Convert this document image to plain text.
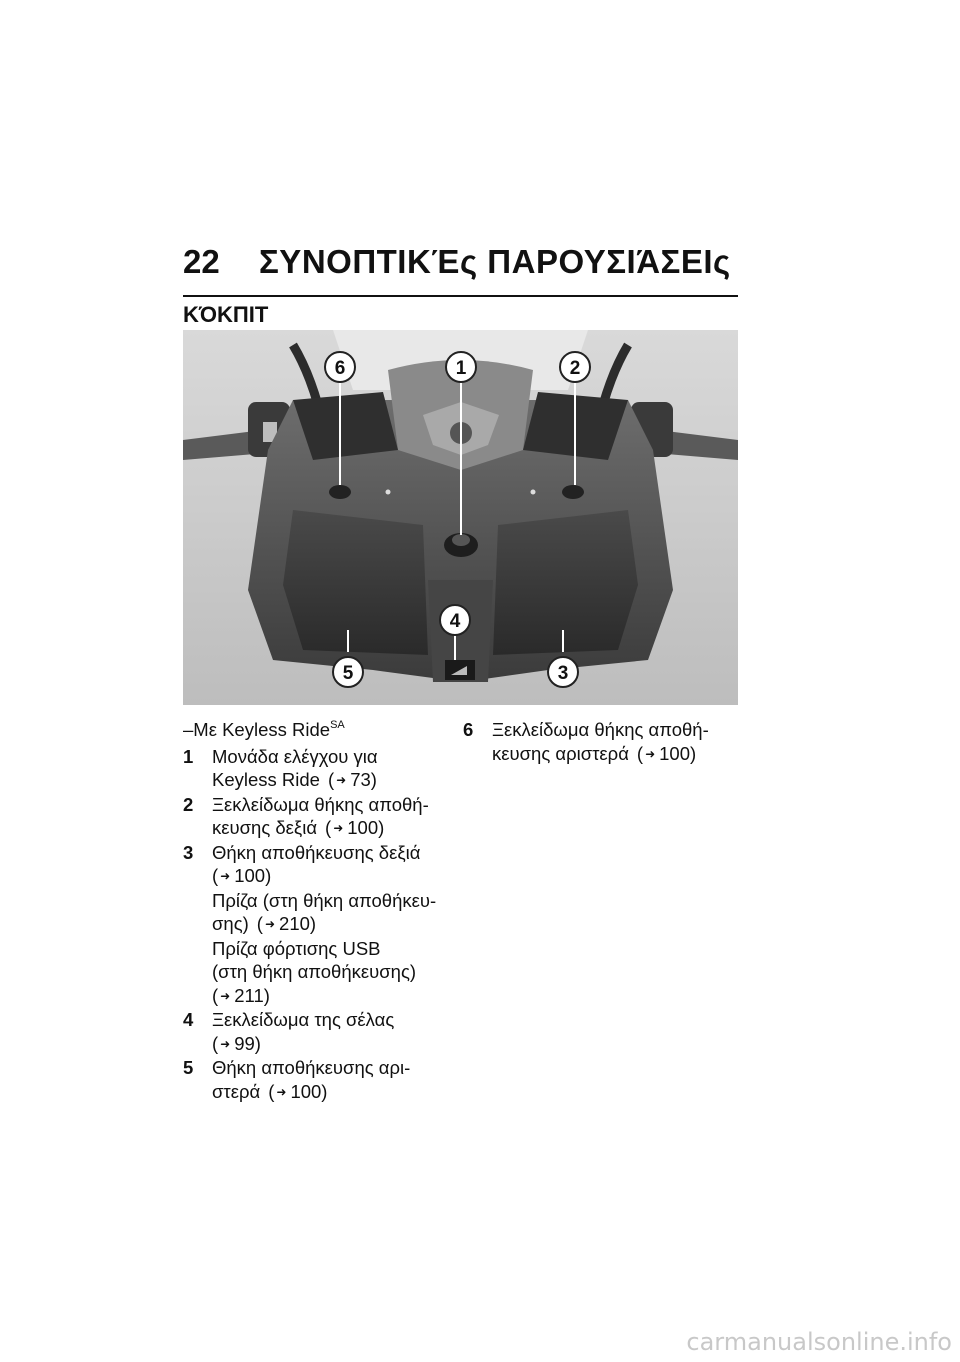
22 ΣΥΝΟΠΤΙΚΈς ΠΑΡΟΥΣΙΆΣΕΙς
ΚΌΚΠΙΤ
6	1	2
4
5	3
–Με Keyless Ride$^{SA}$
1 Μονάδα ελέγχου για
Keyless Ride ( ➜ 73)
2 Ξεκλείδωμα θήκης αποθή-
κευσης δεξιά ( ➜ 100)
3 Θήκη αποθήκευσης δεξιά
( ➜ 100)
Πρίζα (στη θήκη αποθήκευ-
σης) ( ➜ 210)
Πρίζα φόρτισης USB
(στη θήκη αποθήκευσης)
( ➜ 211)
4 Ξεκλείδωμα της σέλας
( ➜ 99)
5 Θήκη αποθήκευσης αρι-
στερά ( ➜ 100)
6 Ξεκλείδωμα θήκης αποθή-
κευσης αριστερά ( ➜ 100)
carmanualsonline.info
